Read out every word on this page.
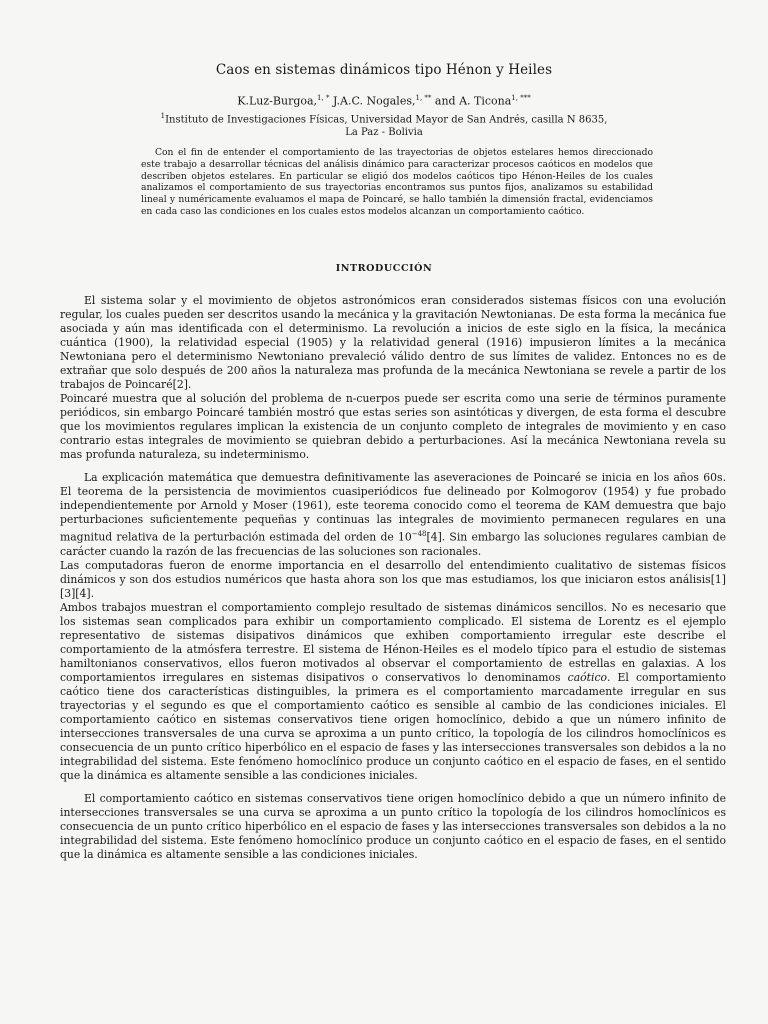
Caos en sistemas dinámicos tipo Hénon y Heiles
K.Luz-Burgoa,$^{1, *}$ J.A.C. Nogales,$^{1, **}$ and A. Ticona$^{1, ***}$
$^1$Instituto de Investigaciones Físicas, Universidad Mayor de San Andrés, casilla N 8635,
La Paz - Bolivia
Con el fin de entender el comportamiento de las trayectorias de objetos estelares hemos direccionado este trabajo a desarrollar técnicas del análisis dinámico para caracterizar procesos caóticos en modelos que describen objetos estelares. En particular se eligió dos modelos caóticos tipo Hénon-Heiles de los cuales analizamos el comportamiento de sus trayectorias encontramos sus puntos fijos, analizamos su estabilidad lineal y numéricamente evaluamos el mapa de Poincaré, se hallo también la dimensión fractal, evidenciamos en cada caso las condiciones en los cuales estos modelos alcanzan un comportamiento caótico.
INTRODUCCIÓN

El sistema solar y el movimiento de objetos astronómicos eran considerados sistemas físicos con una evolución regular, los cuales pueden ser descritos usando la mecánica y la gravitación Newtonianas. De esta forma la mecánica fue asociada y aún mas identificada con el determinismo. La revolución a inicios de este siglo en la física, la mecánica cuántica (1900), la relatividad especial (1905) y la relatividad general (1916) impusieron límites a la mecánica Newtoniana pero el determinismo Newtoniano prevaleció válido dentro de sus límites de validez. Entonces no es de extrañar que solo después de 200 años la naturaleza mas profunda de la mecánica Newtoniana se revele a partir de los trabajos de Poincaré[2].

Poincaré muestra que al solución del problema de n-cuerpos puede ser escrita como una serie de términos puramente periódicos, sin embargo Poincaré también mostró que estas series son asintóticas y divergen, de esta forma el descubre que los movimientos regulares implican la existencia de un conjunto completo de integrales de movimiento y en caso contrario estas integrales de movimiento se quiebran debido a perturbaciones. Así la mecánica Newtoniana revela su mas profunda naturaleza, su indeterminismo.

La explicación matemática que demuestra definitivamente las aseveraciones de Poincaré se inicia en los años 60s. El teorema de la persistencia de movimientos cuasiperiódicos fue delineado por Kolmogorov (1954) y fue probado independientemente por Arnold y Moser (1961), este teorema conocido como el teorema de KAM demuestra que bajo perturbaciones suficientemente pequeñas y continuas las integrales de movimiento permanecen regulares en una magnitud relativa de la perturbación estimada del orden de $10^{-48}[4]$. Sin embargo las soluciones regulares cambian de carácter cuando la razón de las frecuencias de las soluciones son racionales.

Las computadoras fueron de enorme importancia en el desarrollo del entendimiento cualitativo de sistemas físicos dinámicos y son dos estudios numéricos que hasta ahora son los que mas estudiamos, los que iniciaron estos análisis[1][3][4].

Ambos trabajos muestran el comportamiento complejo resultado de sistemas dinámicos sencillos. No es necesario que los sistemas sean complicados para exhibir un comportamiento complicado. El sistema de Lorentz es el ejemplo representativo de sistemas disipativos dinámicos que exhiben comportamiento irregular este describe el comportamiento de la atmósfera terrestre. El sistema de Hénon-Heiles es el modelo típico para el estudio de sistemas hamiltonianos conservativos, ellos fueron motivados al observar el comportamiento de estrellas en galaxias. A los comportamientos irregulares en sistemas disipativos o conservativos lo denominamos caótico. El comportamiento caótico tiene dos características distinguibles, la primera es el comportamiento marcadamente irregular en sus trayectorias y el segundo es que el comportamiento caótico es sensible al cambio de las condiciones iniciales. El comportamiento caótico en sistemas conservativos tiene origen homoclínico, debido a que un número infinito de intersecciones transversales de una curva se aproxima a un punto crítico, la topología de los cilindros homoclínicos es consecuencia de un punto crítico hiperbólico en el espacio de fases y las intersecciones transversales son debidos a la no integrabilidad del sistema. Este fenómeno homoclínico produce un conjunto caótico en el espacio de fases, en el sentido que la dinámica es altamente sensible a las condiciones iniciales.

El comportamiento caótico en sistemas conservativos tiene origen homoclínico debido a que un número infinito de intersecciones transversales se una curva se aproxima a un punto crítico la topología de los cilindros homoclínicos es consecuencia de un punto crítico hiperbólico en el espacio de fases y las intersecciones transversales son debidos a la no integrabilidad del sistema. Este fenómeno homoclínico produce un conjunto caótico en el espacio de fases, en el sentido que la dinámica es altamente sensible a las condiciones iniciales.
